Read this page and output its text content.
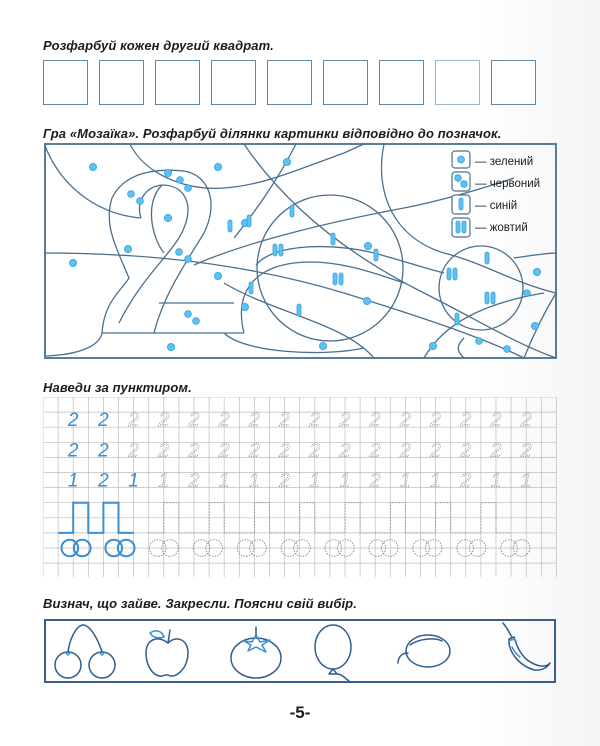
Розфарбуй кожен другий квадрат.
Гра «Мозаїка». Розфарбуй ділянки картинки відповідно до позначок.
— зелений
— червоний
— синій
— жовтий
Наведи за пунктиром.
2 2 2 2 2 2 2 2 2 2 2 2 2 2 2 2
2 2 2 2 2 2 2 2 2 2 2 2 2 2 2 2
1 2 1 1 2 1 1 2 1 1 2 1 1 2 1 1
Визнач, що зайве. Закресли. Поясни свій вибір.
-5-
